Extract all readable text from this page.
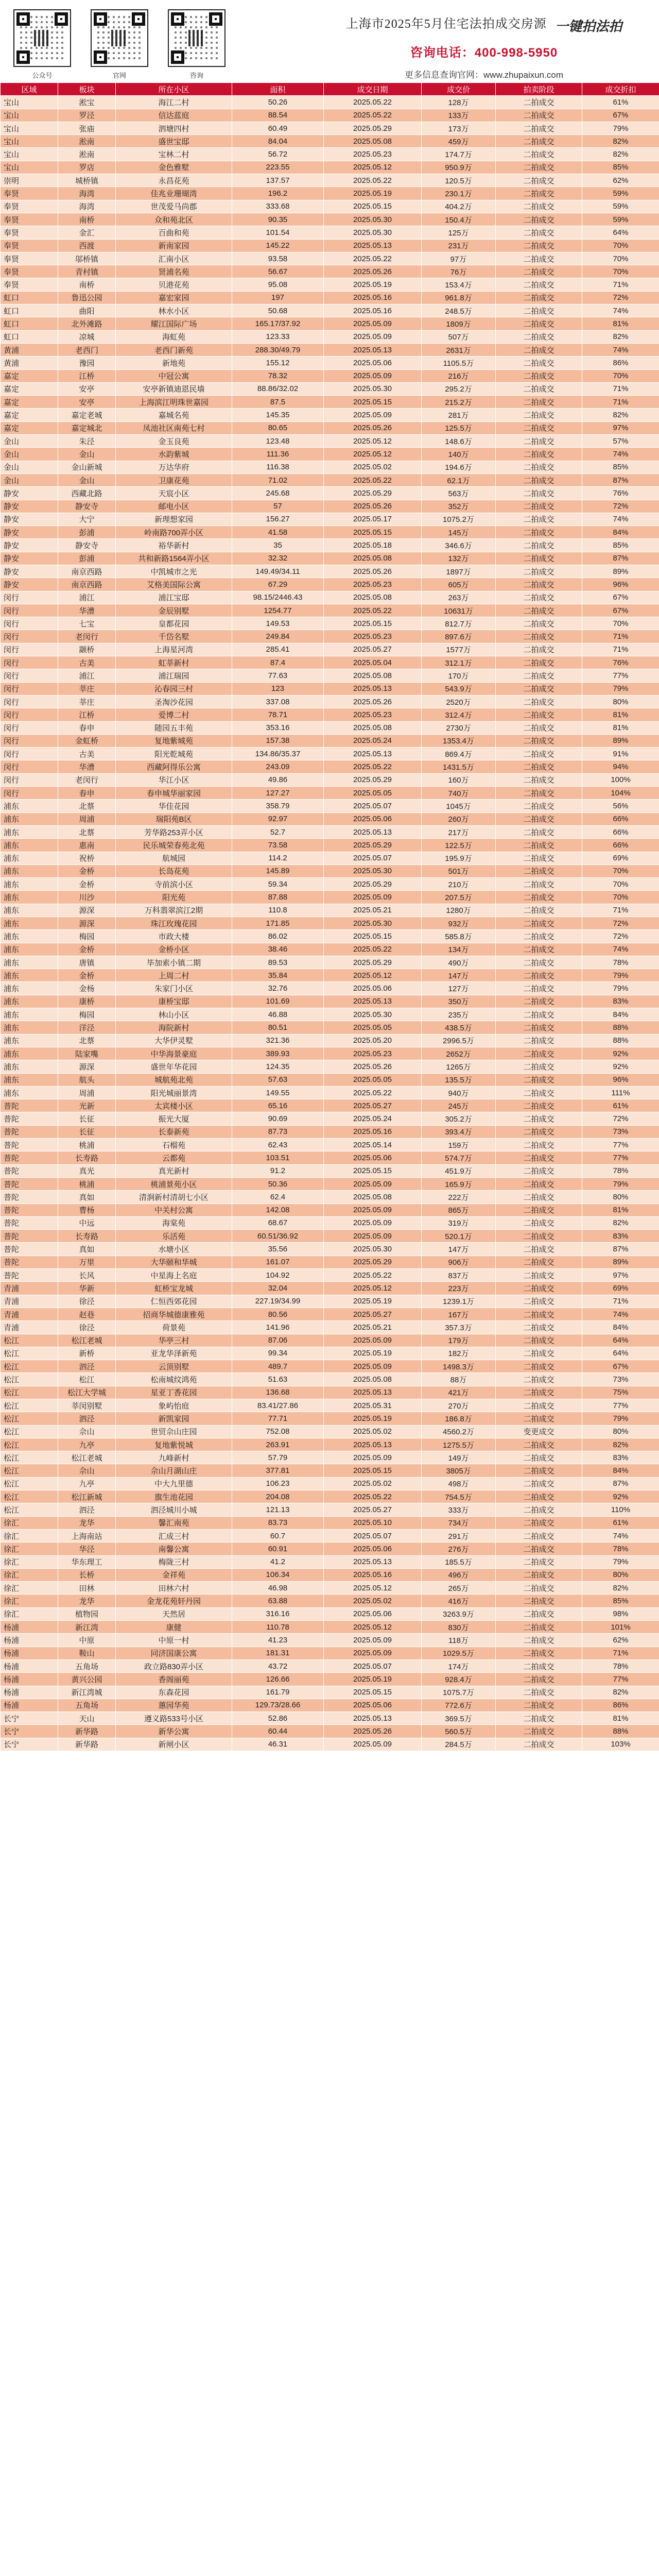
公众号	官网	咨询
上海市2025年5月住宅法拍成交房源 一键拍法拍
咨询电话：400-998-5950
更多信息查询官网：www.zhupaixun.com
区域	板块	所在小区	面积	成交日期	成交价	拍卖阶段	成交折扣
宝山	淞宝	海江二村	50.26	2025.05.22	128万	二拍成交	61%
宝山	罗泾	信达蓝庭	88.54	2025.05.22	133万	二拍成交	67%
宝山	张庙	泗塘四村	60.49	2025.05.29	173万	二拍成交	79%
宝山	淞南	盛世宝邸	84.04	2025.05.08	459万	二拍成交	82%
宝山	淞南	宝林二村	56.72	2025.05.23	174.7万	二拍成交	82%
宝山	罗店	金色雅墅	223.55	2025.05.12	950.9万	二拍成交	85%
崇明	城桥镇	永昌花苑	137.57	2025.05.22	120.5万	二拍成交	62%
奉贤	海湾	佳兆业珊瑚湾	196.2	2025.05.19	230.1万	二拍成交	59%
奉贤	海湾	世茂爱马尚郡	333.68	2025.05.15	404.2万	二拍成交	59%
奉贤	南桥	众和苑北区	90.35	2025.05.30	150.4万	二拍成交	59%
奉贤	金汇	百曲和苑	101.54	2025.05.30	125万	二拍成交	64%
奉贤	西渡	新南家园	145.22	2025.05.13	231万	二拍成交	70%
奉贤	邬桥镇	汇南小区	93.58	2025.05.22	97万	二拍成交	70%
奉贤	青村镇	贤浦名苑	56.67	2025.05.26	76万	二拍成交	70%
奉贤	南桥	贝港花苑	95.08	2025.05.19	153.4万	二拍成交	71%
虹口	鲁迅公园	嘉宏家园	197	2025.05.16	961.8万	二拍成交	72%
虹口	曲阳	林水小区	50.68	2025.05.16	248.5万	二拍成交	74%
虹口	北外滩路	耀江国际广场	165.17/37.92	2025.05.09	1809万	二拍成交	81%
虹口	凉城	海虹苑	123.33	2025.05.09	507万	二拍成交	82%
黄浦	老西门	老西门新苑	288.30/49.79	2025.05.13	2631万	二拍成交	74%
黄浦	豫园	新地苑	155.12	2025.05.06	1105.5万	二拍成交	86%
嘉定	江桥	中冠公寓	78.32	2025.05.09	216万	二拍成交	70%
嘉定	安亭	安亭新镇迪恩民墙	88.86/32.02	2025.05.30	295.2万	二拍成交	71%
嘉定	安亭	上海滨江明珠世嘉园	87.5	2025.05.15	215.2万	二拍成交	71%
嘉定	嘉定老城	嘉城名苑	145.35	2025.05.09	281万	二拍成交	82%
嘉定	嘉定城北	凤池社区南苑七村	80.65	2025.05.26	125.5万	二拍成交	97%
金山	朱泾	金玉良苑	123.48	2025.05.12	148.6万	二拍成交	57%
金山	金山	水韵紫城	111.36	2025.05.12	140万	二拍成交	74%
金山	金山新城	万达华府	116.38	2025.05.02	194.6万	二拍成交	85%
金山	金山	卫康花苑	71.02	2025.05.22	62.1万	二拍成交	87%
静安	西藏北路	天宸小区	245.68	2025.05.29	563万	二拍成交	76%
静安	静安寺	邮电小区	57	2025.05.26	352万	二拍成交	72%
静安	大宁	新理想家园	156.27	2025.05.17	1075.2万	二拍成交	74%
静安	彭浦	岭南路700弄小区	41.58	2025.05.15	145万	二拍成交	84%
静安	静安寺	裕华新村	35	2025.05.18	346.6万	二拍成交	85%
静安	彭浦	共和新路1564弄小区	32.32	2025.05.08	132万	二拍成交	87%
静安	南京西路	中凯城市之光	149.49/34.11	2025.05.26	1897万	二拍成交	89%
静安	南京西路	艾格美国际公寓	67.29	2025.05.23	605万	二拍成交	96%
闵行	浦江	浦江宝邸	98.15/2446.43	2025.05.08	263万	二拍成交	67%
闵行	华漕	金辰别墅	1254.77	2025.05.22	10631万	二拍成交	67%
闵行	七宝	皇都花园	149.53	2025.05.15	812.7万	二拍成交	70%
闵行	老闵行	千岱名墅	249.84	2025.05.23	897.6万	二拍成交	71%
闵行	颛桥	上海星河湾	285.41	2025.05.27	1577万	二拍成交	71%
闵行	古美	虹莘新村	87.4	2025.05.04	312.1万	二拍成交	76%
闵行	浦江	浦江瑞园	77.63	2025.05.08	170万	二拍成交	77%
闵行	莘庄	沁春园三村	123	2025.05.13	543.9万	二拍成交	79%
闵行	莘庄	圣淘沙花园	337.08	2025.05.26	2520万	二拍成交	80%
闵行	江桥	爱博二村	78.71	2025.05.23	312.4万	二拍成交	81%
闵行	春申	随园五丰苑	353.16	2025.05.08	2730万	二拍成交	81%
闵行	金虹桥	复地紫城苑	157.38	2025.05.24	1353.4万	二拍成交	89%
闵行	古美	阳光乾城苑	134.86/35.37	2025.05.13	869.4万	二拍成交	91%
闵行	华漕	西藏阿得乐公寓	243.09	2025.05.22	1431.5万	二拍成交	94%
闵行	老闵行	华江小区	49.86	2025.05.29	160万	二拍成交	100%
闵行	春申	春申城华丽家园	127.27	2025.05.05	740万	二拍成交	104%
浦东	北蔡	华佳花园	358.79	2025.05.07	1045万	二拍成交	56%
浦东	周浦	瑞阳苑B区	92.97	2025.05.06	260万	二拍成交	66%
浦东	北蔡	芳华路253弄小区	52.7	2025.05.13	217万	二拍成交	66%
浦东	惠南	民乐城荣春苑北苑	73.58	2025.05.29	122.5万	二拍成交	66%
浦东	祝桥	航城园	114.2	2025.05.07	195.9万	二拍成交	69%
浦东	金桥	长岛花苑	145.89	2025.05.30	501万	二拍成交	70%
浦东	金桥	寺前滨小区	59.34	2025.05.29	210万	二拍成交	70%
浦东	川沙	阳光苑	87.88	2025.05.09	207.5万	二拍成交	70%
浦东	源深	万科翡翠滨江2期	110.8	2025.05.21	1280万	二拍成交	71%
浦东	源深	珠江玫瑰花园	171.85	2025.05.30	932万	二拍成交	72%
浦东	梅园	市政大楼	86.02	2025.05.15	585.8万	二拍成交	72%
浦东	金桥	金桥小区	38.46	2025.05.22	134万	二拍成交	74%
浦东	唐镇	毕加索小镇二期	89.53	2025.05.29	490万	二拍成交	78%
浦东	金桥	上周二村	35.84	2025.05.12	147万	二拍成交	79%
浦东	金杨	朱家门小区	32.76	2025.05.06	127万	二拍成交	79%
浦东	康桥	康桥宝邸	101.69	2025.05.13	350万	二拍成交	83%
浦东	梅园	林山小区	46.88	2025.05.30	235万	二拍成交	84%
浦东	洋泾	海院新村	80.51	2025.05.05	438.5万	二拍成交	88%
浦东	北蔡	大华伊灵墅	321.36	2025.05.20	2996.5万	二拍成交	88%
浦东	陆家嘴	中华海景豪庭	389.93	2025.05.23	2652万	二拍成交	92%
浦东	源深	盛世年华花园	124.35	2025.05.26	1265万	二拍成交	92%
浦东	航头	城航苑北苑	57.63	2025.05.05	135.5万	二拍成交	96%
浦东	周浦	阳光城丽景湾	149.55	2025.05.22	940万	二拍成交	111%
普陀	光新	太宾楼小区	65.16	2025.05.27	245万	二拍成交	61%
普陀	长征	振光大厦	90.69	2025.05.24	305.2万	二拍成交	72%
普陀	长征	长泰新苑	87.73	2025.05.16	393.4万	二拍成交	73%
普陀	桃浦	石榴苑	62.43	2025.05.14	159万	二拍成交	77%
普陀	长寿路	云都苑	103.51	2025.05.06	574.7万	二拍成交	77%
普陀	真光	真光新村	91.2	2025.05.15	451.9万	二拍成交	78%
普陀	桃浦	桃浦景苑小区	50.36	2025.05.09	165.9万	二拍成交	79%
普陀	真如	清涧新村清胡七小区	62.4	2025.05.08	222万	二拍成交	80%
普陀	曹杨	中关村公寓	142.08	2025.05.09	865万	二拍成交	81%
普陀	中远	海棠苑	68.67	2025.05.09	319万	二拍成交	82%
普陀	长寿路	乐活苑	60.51/36.92	2025.05.09	520.1万	二拍成交	83%
普陀	真如	水塘小区	35.56	2025.05.30	147万	二拍成交	87%
普陀	万里	大华颐和华城	161.07	2025.05.29	906万	二拍成交	89%
普陀	长风	中星海上名庭	104.92	2025.05.22	837万	二拍成交	97%
青浦	华新	虹桥宝龙城	32.04	2025.05.12	223万	二拍成交	69%
青浦	徐泾	仁恒西郊花园	227.19/34.99	2025.05.19	1239.1万	二拍成交	71%
青浦	赵巷	招商华城德康雅苑	80.56	2025.05.27	167万	二拍成交	74%
青浦	徐泾	荷景苑	141.96	2025.05.21	357.3万	二拍成交	84%
松江	松江老城	华亭三村	87.06	2025.05.09	179万	二拍成交	64%
松江	新桥	亚龙华泽新苑	99.34	2025.05.19	182万	二拍成交	64%
松江	泗泾	云顶别墅	489.7	2025.05.09	1498.3万	二拍成交	67%
松江	松江	松南城纹鸿苑	51.63	2025.05.08	88万	二拍成交	73%
松江	松江大学城	星亚丁香花园	136.68	2025.05.13	421万	二拍成交	75%
松江	莘闵别墅	象屿怡庭	83.41/27.86	2025.05.31	270万	二拍成交	77%
松江	泗泾	新凯家园	77.71	2025.05.19	186.8万	二拍成交	79%
松江	佘山	世贸佘山庄园	752.08	2025.05.02	4560.2万	变更成交	80%
松江	九亭	复地紫悦城	263.91	2025.05.13	1275.5万	二拍成交	82%
松江	松江老城	九峰新村	57.79	2025.05.09	149万	二拍成交	83%
松江	佘山	佘山月湖山庄	377.81	2025.05.15	3805万	二拍成交	84%
松江	九亭	中大九里德	106.23	2025.05.02	498万	二拍成交	87%
松江	松江新城	旗生池花园	204.08	2025.05.22	754.5万	二拍成交	92%
松江	泗泾	泗泾城川小城	121.13	2025.05.27	333万	二拍成交	110%
徐汇	龙华	馨汇南苑	83.73	2025.05.10	734万	二拍成交	61%
徐汇	上海南站	汇成三村	60.7	2025.05.07	291万	二拍成交	74%
徐汇	华泾	南馨公寓	60.91	2025.05.06	276万	二拍成交	78%
徐汇	华东理工	梅陇三村	41.2	2025.05.13	185.5万	二拍成交	79%
徐汇	长桥	金祥苑	106.34	2025.05.16	496万	二拍成交	80%
徐汇	田林	田林六村	46.98	2025.05.12	265万	二拍成交	82%
徐汇	龙华	金龙花苑轩丹园	63.88	2025.05.02	416万	二拍成交	85%
徐汇	植物园	天然居	316.16	2025.05.06	3263.9万	二拍成交	98%
杨浦	新江湾	康健	110.78	2025.05.12	830万	二拍成交	101%
杨浦	中原	中原一村	41.23	2025.05.09	118万	二拍成交	62%
杨浦	鞍山	同济国康公寓	181.31	2025.05.09	1029.5万	二拍成交	71%
杨浦	五角场	政立路830弄小区	43.72	2025.05.07	174万	二拍成交	78%
杨浦	黄兴公园	香阁丽苑	126.66	2025.05.19	928.4万	二拍成交	77%
杨浦	新江湾城	东森花园	161.79	2025.05.15	1075.7万	二拍成交	82%
杨浦	五角场	蕙园华苑	129.73/28.66	2025.05.06	772.6万	二拍成交	86%
长宁	天山	遵义路533号小区	52.86	2025.05.13	369.5万	二拍成交	81%
长宁	新华路	新华公寓	60.44	2025.05.26	560.5万	二拍成交	88%
长宁	新华路	新闸小区	46.31	2025.05.09	284.5万	二拍成交	103%
